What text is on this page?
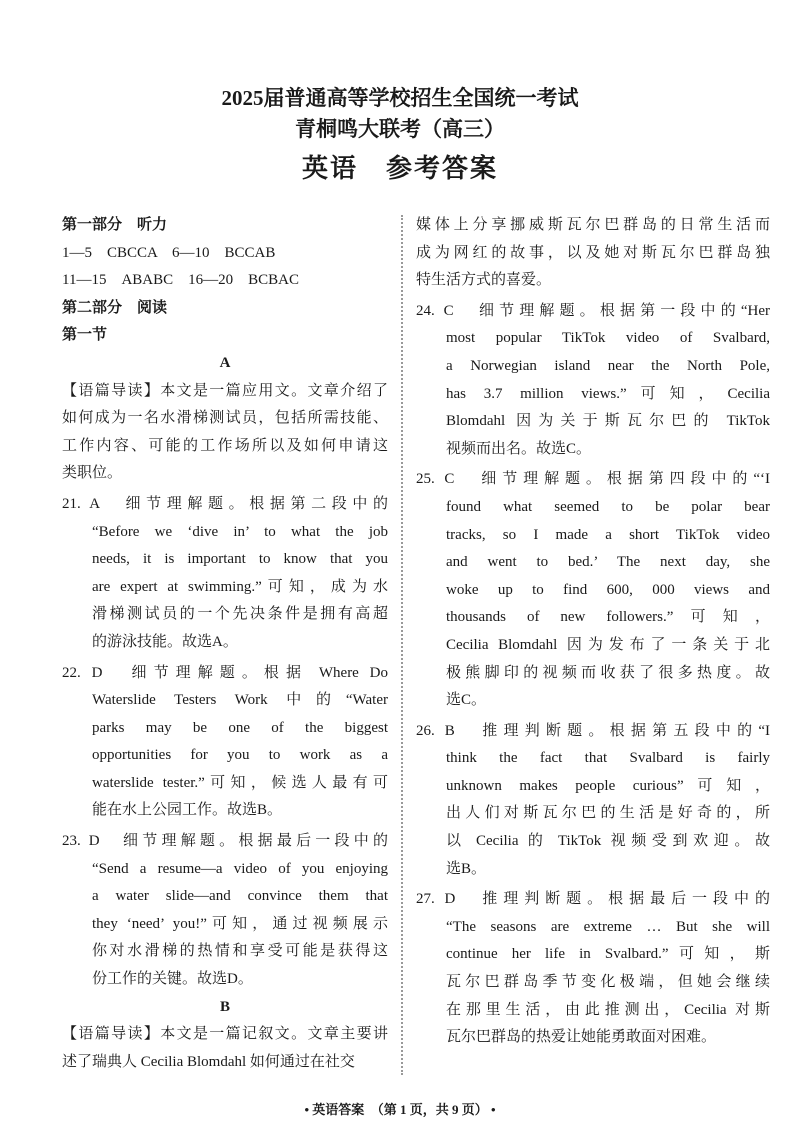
2025届普通高等学校招生全国统一考试
青桐鸣大联考（高三）
英语　参考答案
第一部分　听力
1—5　CBCCA　6—10　BCCAB
11—15　ABABC　16—20　BCBAC
第二部分　阅读
第一节
A
【语篇导读】本文是一篇应用文。文章介绍了
如何成为一名水滑梯测试员，包括所需技能、
工作内容、可能的工作场所以及如何申请这
类职位。
21. A　细节理解题。根据第二段中的
“Before we ‘dive in’ to what the job
needs, it is important to know that you
are expert at swimming.”可知，成为水
滑梯测试员的一个先决条件是拥有高超
的游泳技能。故选A。
22. D　细节理解题。根据 Where Do
Waterslide Testers Work 中的“Water
parks may be one of the biggest
opportunities for you to work as a
waterslide tester.”可知，候选人最有可
能在水上公园工作。故选B。
23. D　细节理解题。根据最后一段中的
“Send a resume—a video of you enjoying
a water slide—and convince them that
they ‘need’ you!”可知，通过视频展示
你对水滑梯的热情和享受可能是获得这
份工作的关键。故选D。
B
【语篇导读】本文是一篇记叙文。文章主要讲
述了瑞典人 Cecilia Blomdahl 如何通过在社交
媒体上分享挪威斯瓦尔巴群岛的日常生活而
成为网红的故事，以及她对斯瓦尔巴群岛独
特生活方式的喜爱。
24. C　细节理解题。根据第一段中的“Her
most popular TikTok video of Svalbard,
a Norwegian island near the North Pole,
has 3.7 million views.”可知，Cecilia
Blomdahl 因为关于斯瓦尔巴的 TikTok
视频而出名。故选C。
25. C　细节理解题。根据第四段中的“‘I
found what seemed to be polar bear
tracks, so I made a short TikTok video
and went to bed.’ The next day, she
woke up to find 600, 000 views and
thousands of new followers.”可知，
Cecilia Blomdahl 因为发布了一条关于北
极熊脚印的视频而收获了很多热度。故
选C。
26. B　推理判断题。根据第五段中的“I
think the fact that Svalbard is fairly
unknown makes people curious”可知，
出人们对斯瓦尔巴的生活是好奇的，所
以 Cecilia 的 TikTok 视频受到欢迎。故
选B。
27. D　推理判断题。根据最后一段中的
“The seasons are extreme … But she will
continue her life in Svalbard.”可知，斯
瓦尔巴群岛季节变化极端，但她会继续
在那里生活，由此推测出，Cecilia 对斯
瓦尔巴群岛的热爱让她能勇敢面对困难。
• 英语答案　（第 1 页，共 9 页） •
